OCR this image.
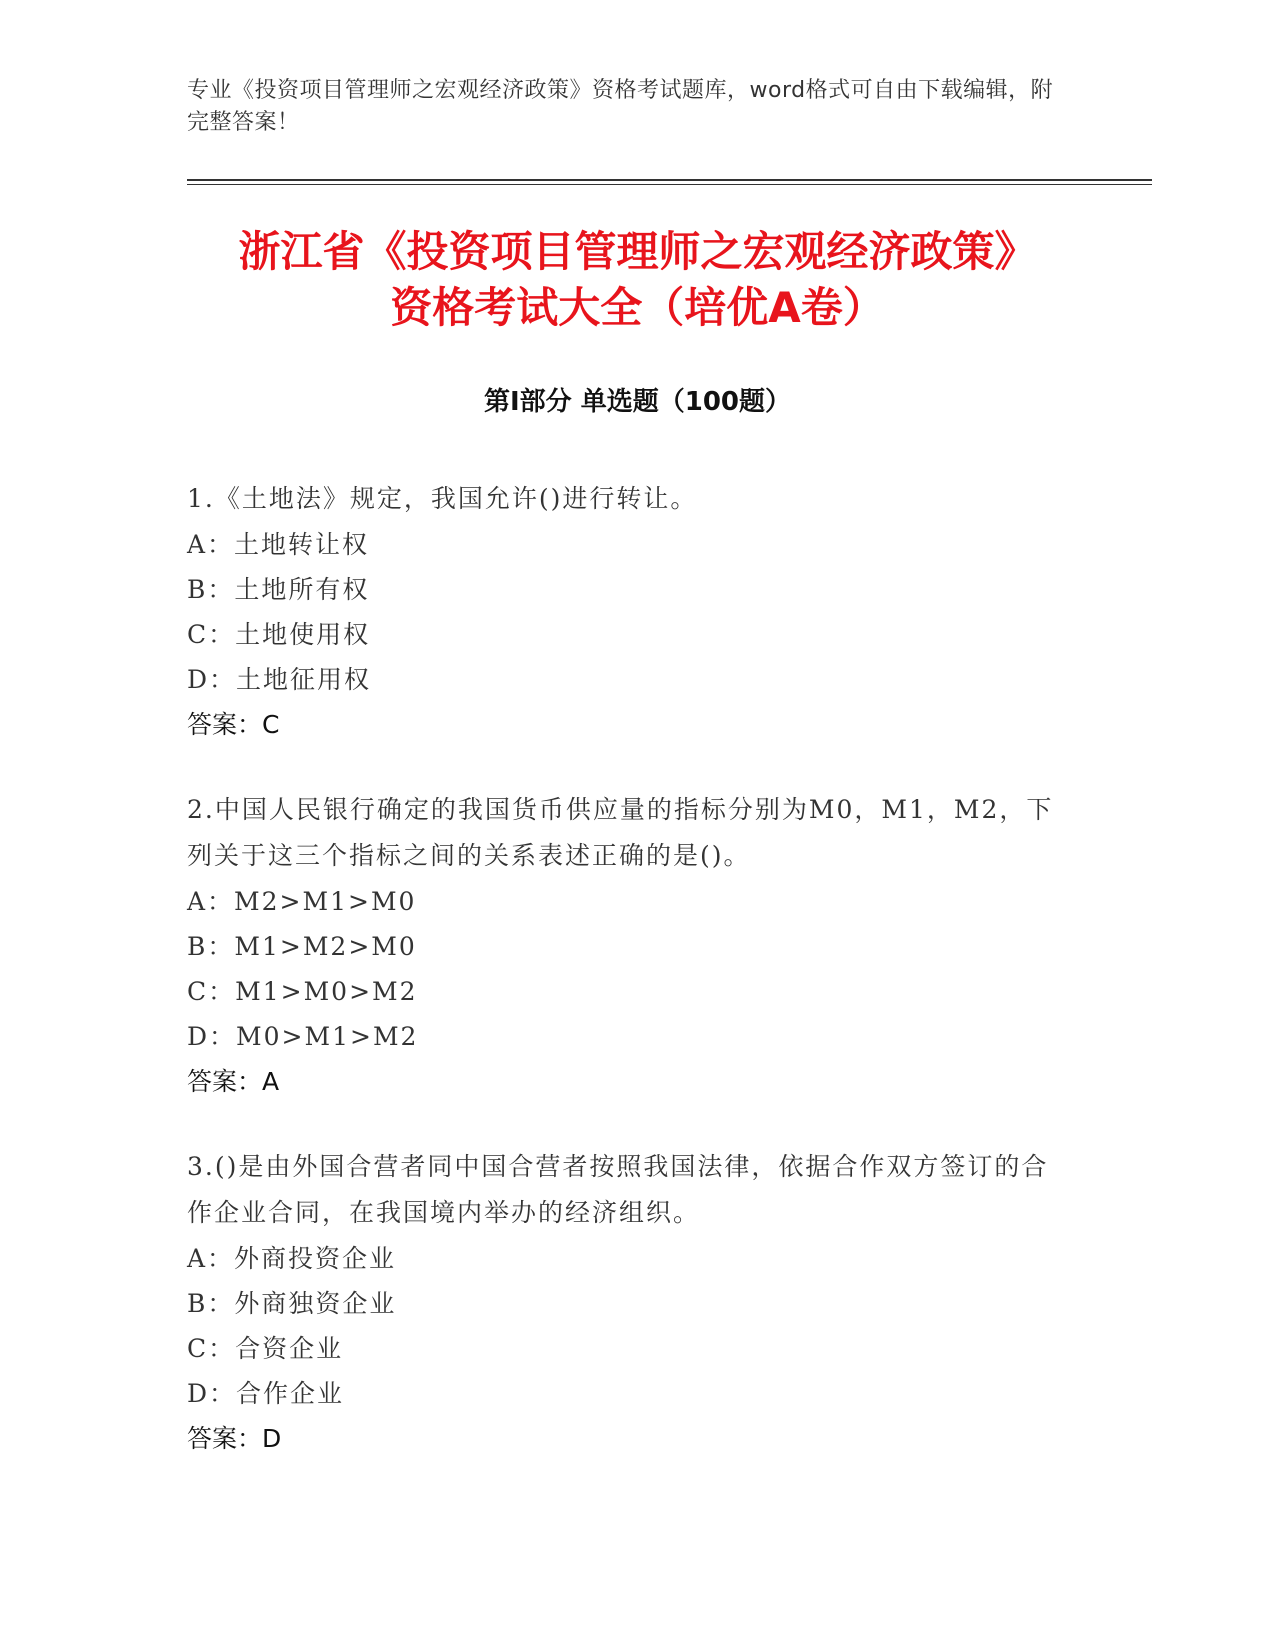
专业《投资项目管理师之宏观经济政策》资格考试题库，word格式可自由下载编辑，附完整答案！
浙江省《投资项目管理师之宏观经济政策》
资格考试大全（培优A卷）
第Ⅰ部分 单选题（100题）
1.《土地法》规定，我国允许()进行转让。
A：土地转让权
B：土地所有权
C：土地使用权
D：土地征用权
答案：C
2.中国人民银行确定的我国货币供应量的指标分别为M0，M1，M2，下列关于这三个指标之间的关系表述正确的是()。
A：M2>M1>M0
B：M1>M2>M0
C：M1>M0>M2
D：M0>M1>M2
答案：A
3.()是由外国合营者同中国合营者按照我国法律，依据合作双方签订的合作企业合同，在我国境内举办的经济组织。
A：外商投资企业
B：外商独资企业
C：合资企业
D：合作企业
答案：D
